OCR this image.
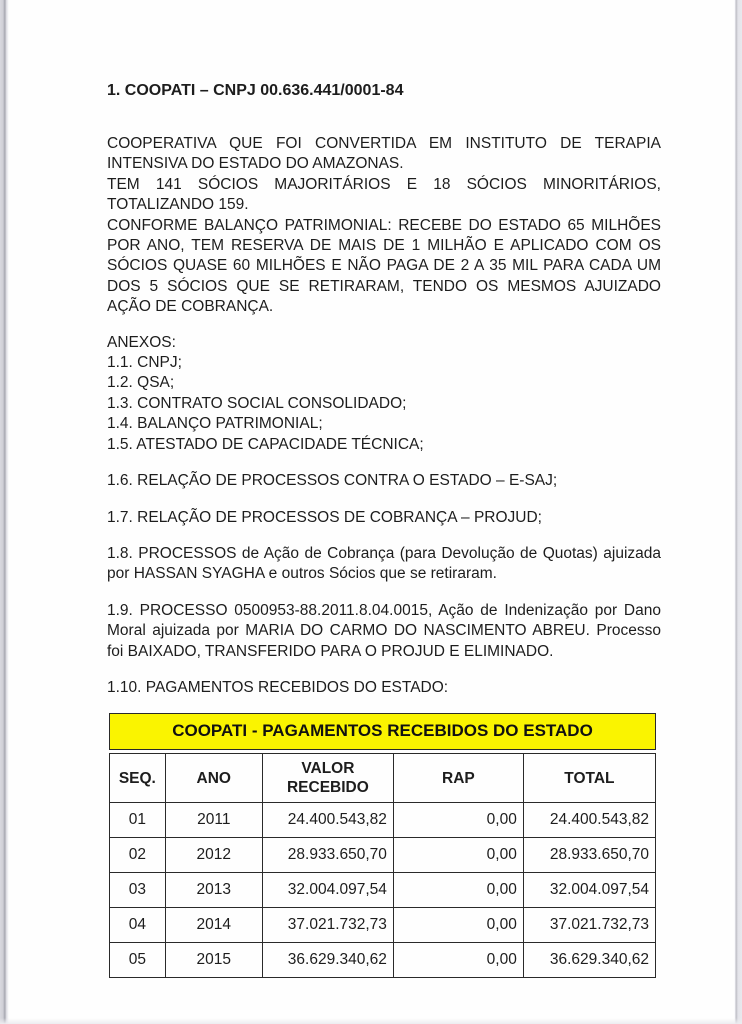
1. COOPATI – CNPJ 00.636.441/0001-84

COOPERATIVA QUE FOI CONVERTIDA EM INSTITUTO DE TERAPIA INTENSIVA DO ESTADO DO AMAZONAS.

TEM 141 SÓCIOS MAJORITÁRIOS E 18 SÓCIOS MINORITÁRIOS, TOTALIZANDO 159.

CONFORME BALANÇO PATRIMONIAL: RECEBE DO ESTADO 65 MILHÕES POR ANO, TEM RESERVA DE MAIS DE 1 MILHÃO E APLICADO COM OS SÓCIOS QUASE 60 MILHÕES E NÃO PAGA DE 2 A 35 MIL PARA CADA UM DOS 5 SÓCIOS QUE SE RETIRARAM, TENDO OS MESMOS AJUIZADO AÇÃO DE COBRANÇA.

ANEXOS:
1.1. CNPJ;
1.2. QSA;
1.3. CONTRATO SOCIAL CONSOLIDADO;
1.4. BALANÇO PATRIMONIAL;
1.5. ATESTADO DE CAPACIDADE TÉCNICA;

1.6. RELAÇÃO DE PROCESSOS CONTRA O ESTADO – E-SAJ;

1.7. RELAÇÃO DE PROCESSOS DE COBRANÇA – PROJUD;

1.8. PROCESSOS de Ação de Cobrança (para Devolução de Quotas) ajuizada por HASSAN SYAGHA e outros Sócios que se retiraram.

1.9. PROCESSO 0500953-88.2011.8.04.0015, Ação de Indenização por Dano Moral ajuizada por MARIA DO CARMO DO NASCIMENTO ABREU. Processo foi BAIXADO, TRANSFERIDO PARA O PROJUD E ELIMINADO.

1.10. PAGAMENTOS RECEBIDOS DO ESTADO:

COOPATI - PAGAMENTOS RECEBIDOS DO ESTADO
SEQ.	ANO	VALOR RECEBIDO	RAP	TOTAL
01	2011	24.400.543,82	0,00	24.400.543,82
02	2012	28.933.650,70	0,00	28.933.650,70
03	2013	32.004.097,54	0,00	32.004.097,54
04	2014	37.021.732,73	0,00	37.021.732,73
05	2015	36.629.340,62	0,00	36.629.340,62
